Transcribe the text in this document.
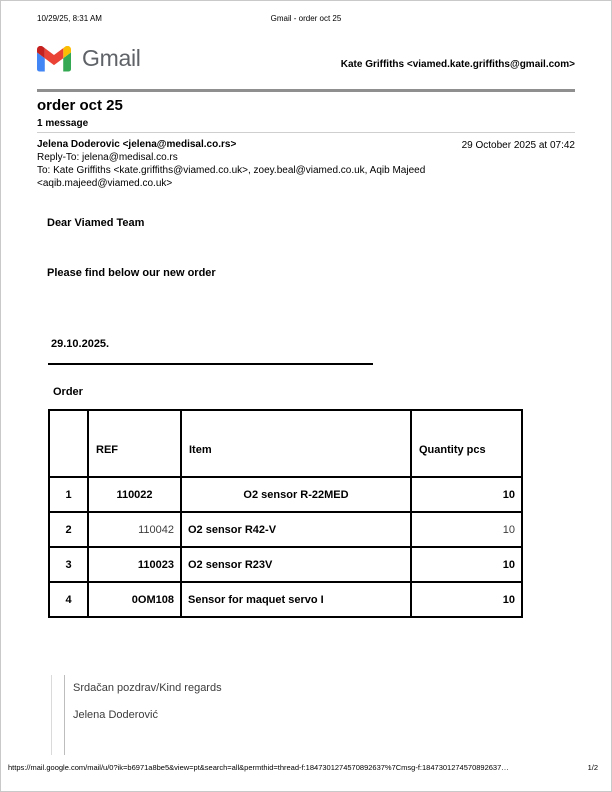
10/29/25, 8:31 AM	Gmail - order oct 25
Gmail	Kate Griffiths <viamed.kate.griffiths@gmail.com>
order oct 25
1 message
Jelena Doderovic <jelena@medisal.co.rs>	29 October 2025 at 07:42
Reply-To: jelena@medisal.co.rs
To: Kate Griffiths <kate.griffiths@viamed.co.uk>, zoey.beal@viamed.co.uk, Aqib Majeed
<aqib.majeed@viamed.co.uk>
Dear Viamed Team
Please find below our new order
29.10.2025.
Order
	REF	Item	Quantity pcs
1	110022	O2 sensor R-22MED	10
2	110042	O2 sensor R42-V	10
3	110023	O2 sensor R23V	10
4	0OM108	Sensor for maquet servo I	10
Srdačan pozdrav/Kind regards
Jelena Doderović
https://mail.google.com/mail/u/0?ik=b6971a8be5&view=pt&search=all&permthid=thread-f:1847301274570892637%7Cmsg-f:1847301274570892637…	1/2
